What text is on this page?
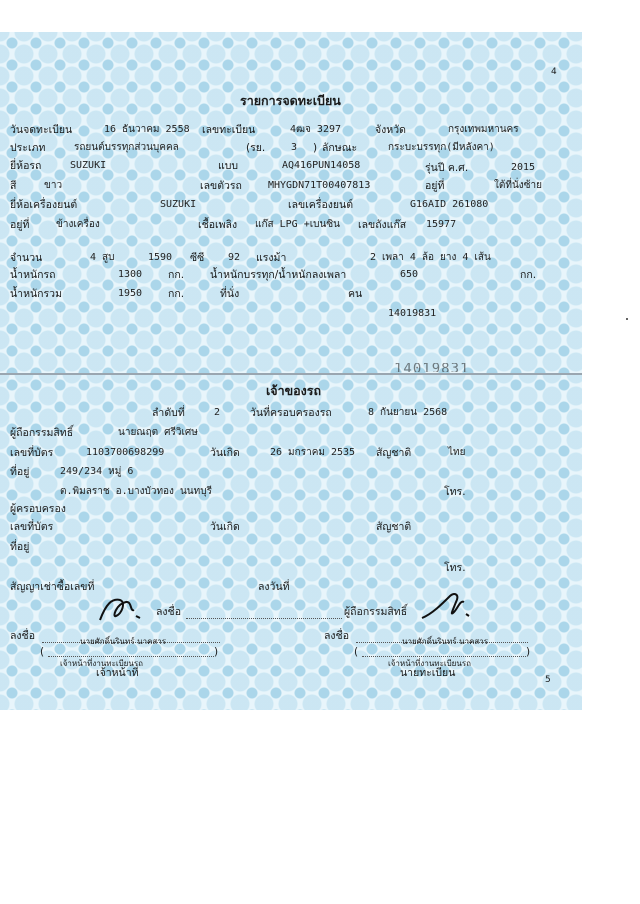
4
รายการจดทะเบียน
วันจดทะเบียน	16 ธันวาคม 2558 เลขทะเบียน	4ฒจ 3297	จังหวัด	กรุงเทพมหานคร
ประเภท	รถยนต์บรรทุกส่วนบุคคล	(รย.	3 ) ลักษณะ	กระบะบรรทุก(มีหลังคา)
ยี่ห้อรถ	SUZUKI	แบบ	AQ416PUN14058	รุ่นปี ค.ศ.	2015
สี	ขาว	เลขตัวรถ	MHYGDN71T00407813	อยู่ที่	ใต้ที่นั่งซ้าย
ยี่ห้อเครื่องยนต์	SUZUKI	เลขเครื่องยนต์	G16AID 261080
อยู่ที่	ข้างเครื่อง	เชื้อเพลิง แก๊ส LPG +เบนซิน เลขถังแก๊ส 15977
จำนวน	4 สูบ	1590 ซีซี 92 แรงม้า	2 เพลา 4 ล้อ ยาง 4 เส้น
น้ำหนักรถ	1300 กก. น้ำหนักบรรทุก/น้ำหนักลงเพลา	650	กก.
น้ำหนักรวม	1950 กก.	ที่นั่ง	คน
14019831
14019831
เจ้าของรถ
ลำดับที่	2	วันที่ครอบครองรถ	8 กันยายน 2568
ผู้ถือกรรมสิทธิ์	นายณฤต ศรีวิเศษ
เลขที่บัตร	1103700698299	วันเกิด	26 มกราคม 2535 สัญชาติ	ไทย
ที่อยู่	249/234 หมู่ 6
ต.พิมลราช อ.บางบัวทอง นนทบุรี	โทร.
ผู้ครอบครอง
เลขที่บัตร	วันเกิด	สัญชาติ
ที่อยู่
โทร.
สัญญาเช่าซื้อเลขที่	ลงวันที่
ลงชื่อ	ผู้ถือกรรมสิทธิ์
ลงชื่อ	นายศักดิ์นรินทร์ นาคสาร
(	)
เจ้าหน้าที่งานทะเบียนรถ
เจ้าหน้าที่
ลงชื่อ	นายศักดิ์นรินทร์ นาคสาร
(	)
เจ้าหน้าที่งานทะเบียนรถ
นายทะเบียน
5
